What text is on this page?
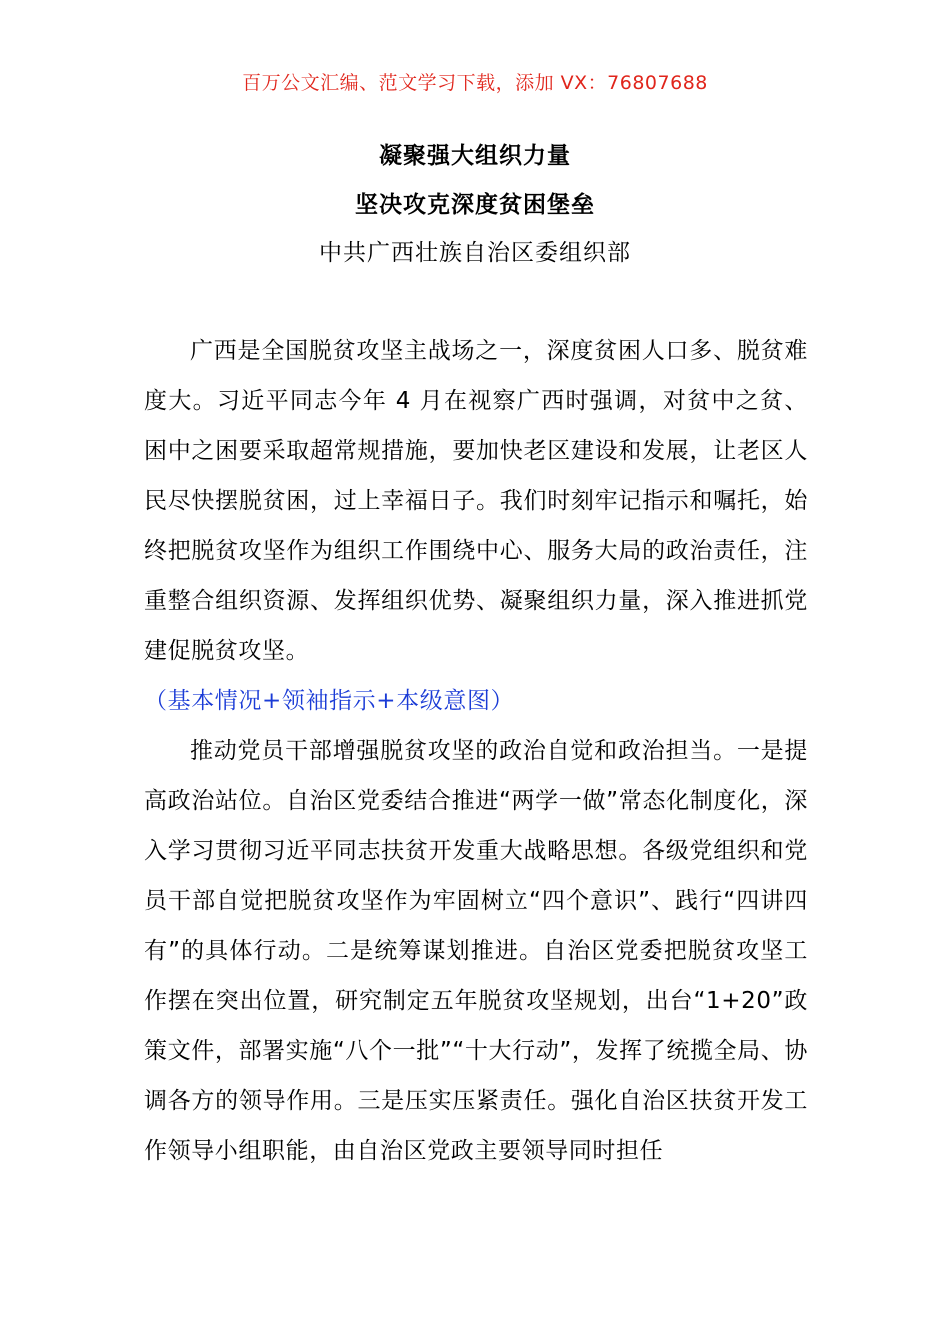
百万公文汇编、范文学习下载，添加 VX：76807688
凝聚强大组织力量
坚决攻克深度贫困堡垒
中共广西壮族自治区委组织部

广西是全国脱贫攻坚主战场之一，深度贫困人口多、脱贫难度大。习近平同志今年 4 月在视察广西时强调，对贫中之贫、困中之困要采取超常规措施，要加快老区建设和发展，让老区人民尽快摆脱贫困，过上幸福日子。我们时刻牢记指示和嘱托，始终把脱贫攻坚作为组织工作围绕中心、服务大局的政治责任，注重整合组织资源、发挥组织优势、凝聚组织力量，深入推进抓党建促脱贫攻坚。

（基本情况+领袖指示+本级意图）

推动党员干部增强脱贫攻坚的政治自觉和政治担当。一是提高政治站位。自治区党委结合推进“两学一做”常态化制度化，深入学习贯彻习近平同志扶贫开发重大战略思想。各级党组织和党员干部自觉把脱贫攻坚作为牢固树立“四个意识”、践行“四讲四有”的具体行动。二是统筹谋划推进。自治区党委把脱贫攻坚工作摆在突出位置，研究制定五年脱贫攻坚规划，出台“1+20”政策文件，部署实施“八个一批”“十大行动”，发挥了统揽全局、协调各方的领导作用。三是压实压紧责任。强化自治区扶贫开发工作领导小组职能，由自治区党政主要领导同时担任
